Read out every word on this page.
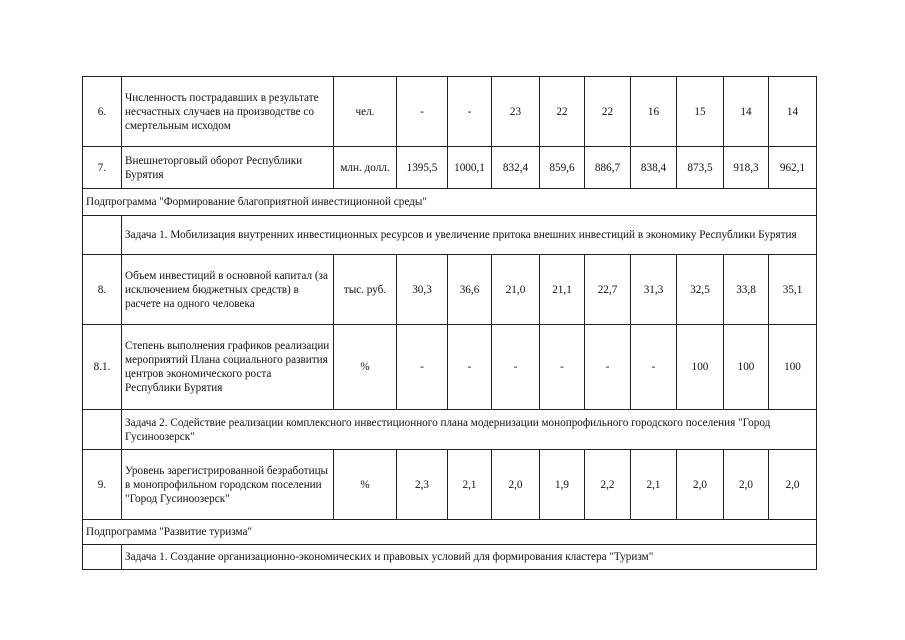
6.	Численность пострадавших в результате несчастных случаев на производстве со смертельным исходом	чел.	-	-	23	22	22	16	15	14	14
7.	Внешнеторговый оборот Республики Бурятия	млн. долл.	1395,5	1000,1	832,4	859,6	886,7	838,4	873,5	918,3	962,1
Подпрограмма "Формирование благоприятной инвестиционной среды"											
	Задача 1. Мобилизация внутренних инвестиционных ресурсов и увеличение притока внешних инвестиций в экономику Республики Бурятия										
8.	Объем инвестиций в основной капитал (за исключением бюджетных средств) в расчете на одного человека	тыс. руб.	30,3	36,6	21,0	21,1	22,7	31,3	32,5	33,8	35,1
8.1.	Степень выполнения графиков реализации мероприятий Плана социального развития центров экономического роста Республики Бурятия	%	-	-	-	-	-	-	100	100	100
	Задача 2. Содействие реализации комплексного инвестиционного плана модернизации монопрофильного городского поселения "Город Гусиноозерск"										
9.	Уровень зарегистрированной безработицы в монопрофильном городском поселении "Город Гусиноозерск"	%	2,3	2,1	2,0	1,9	2,2	2,1	2,0	2,0	2,0
Подпрограмма "Развитие туризма"											
	Задача 1. Создание организационно-экономических и правовых условий для формирования кластера "Туризм"										
